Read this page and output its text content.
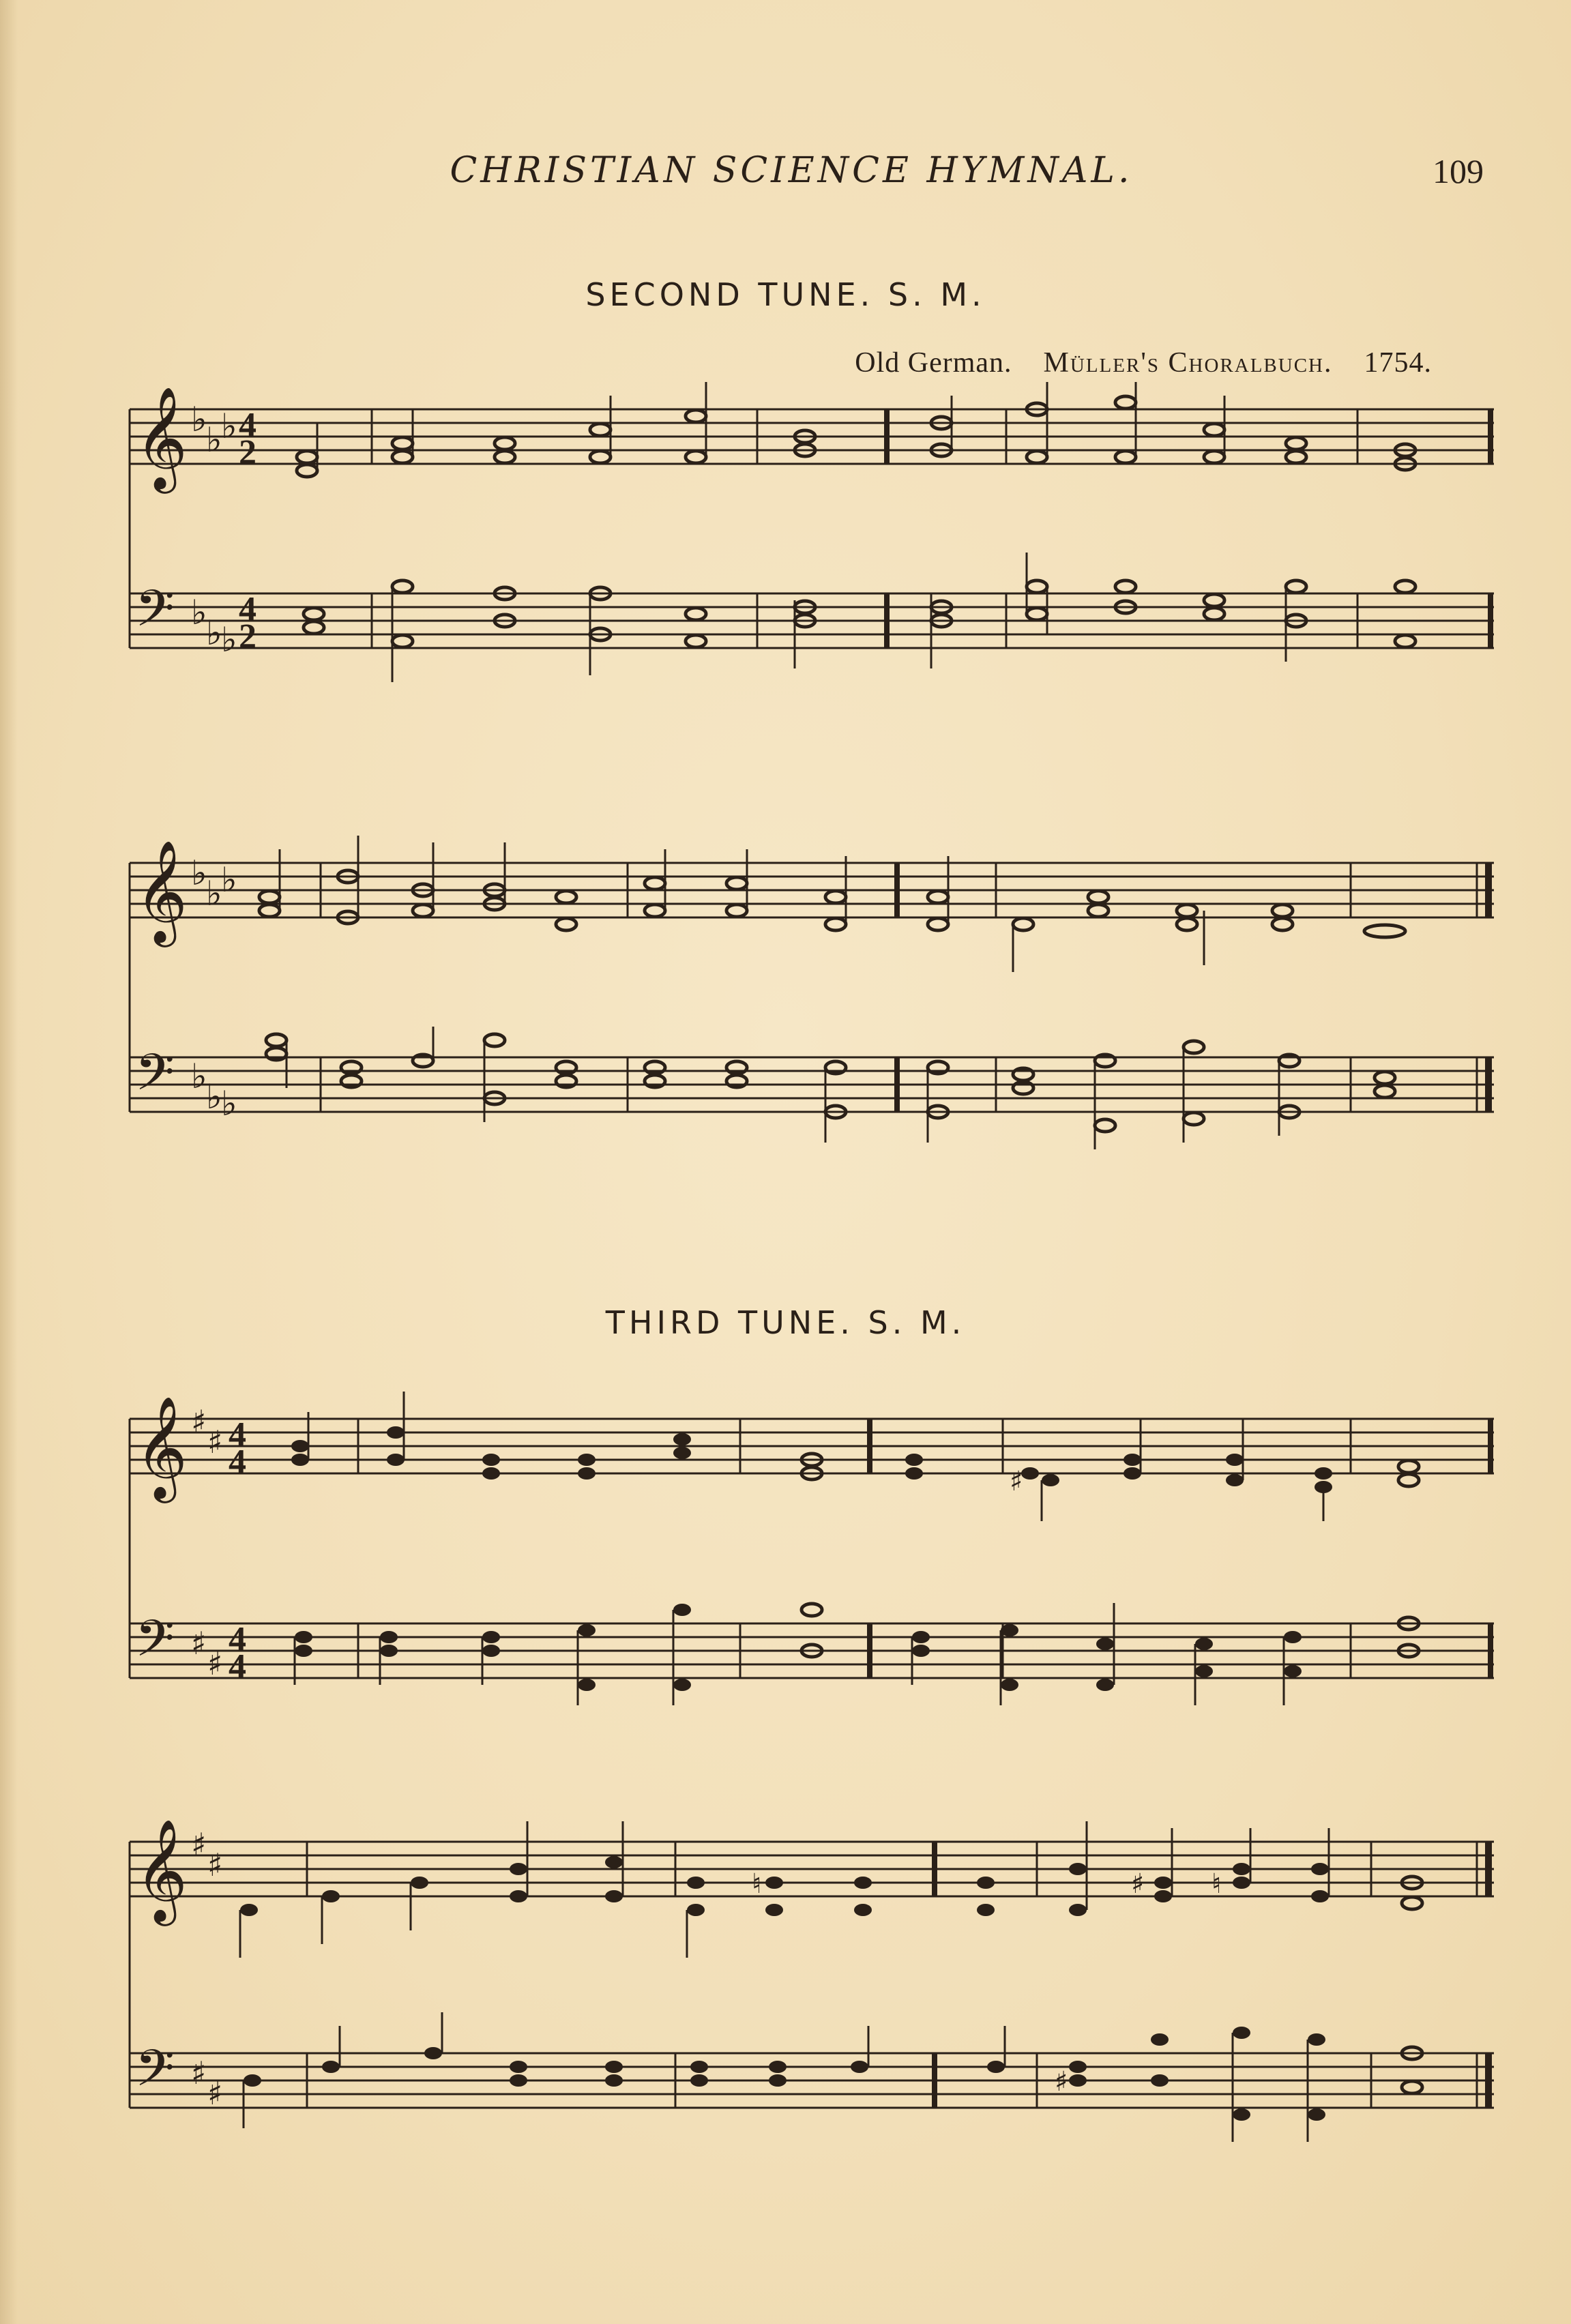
CHRISTIAN SCIENCE HYMNAL.	109
SECOND TUNE. S. M.
Old German. Müller's Choralbuch. 1754.
𝄞
𝄢
♭
♭
♭
♭
♭
♭
4
2
4
2
𝄞
𝄢
♭
♭
♭
♭
♭
♭
THIRD TUNE. S. M.
𝄞
𝄢
♯
♯
♯
♯
4
4
4
4
♯
𝄞
𝄢
♯
♯
♯
♯
♮	♯ ♮
♯
